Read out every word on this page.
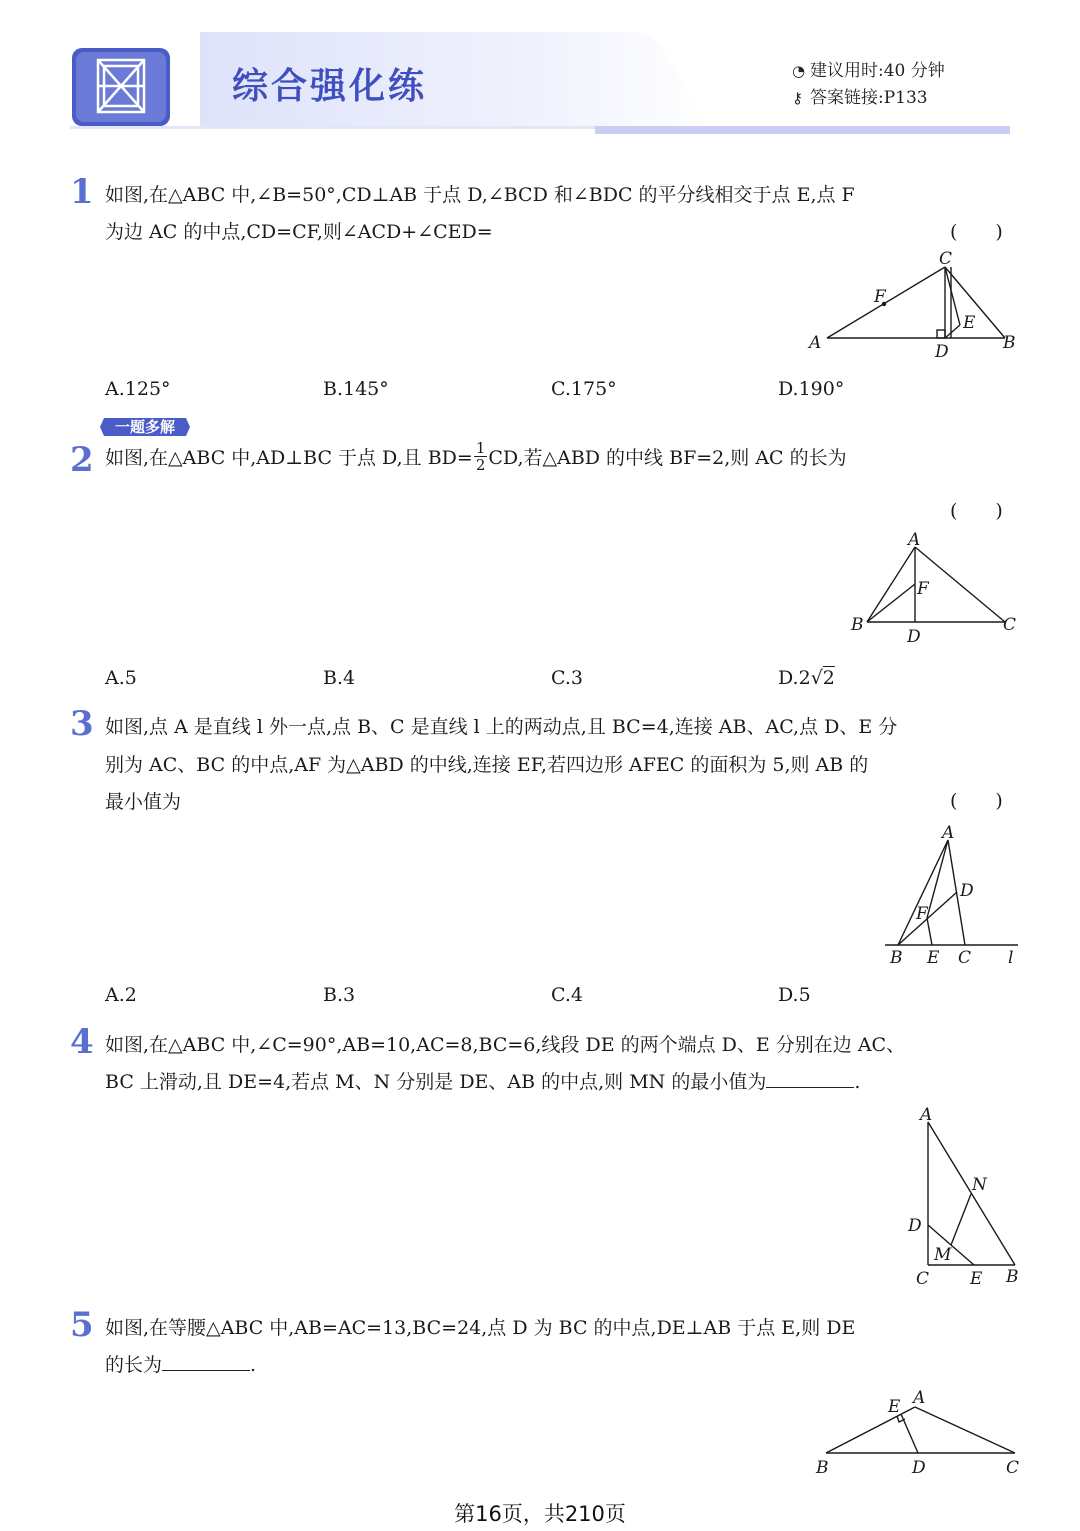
综合强化练	◔ 建议用时:40 分钟
⚷ 答案链接:P133
1 如图,在△ABC 中,∠B=50°,CD⊥AB 于点 D,∠BCD 和∠BDC 的平分线相交于点 E,点 F
为边 AC 的中点,CD=CF,则∠ACD+∠CED=	(　　)
A	B
C
D
E
F
A.125°	B.145°	C.175°	D.190°
一题多解
2 如图,在△ABC 中,AD⊥BC 于点 D,且 $BD= \frac{1}{2}$ CD,若△ABD 的中线 BF=2,则 AC 的长为
(　　)
A
B	C
D
F
A.5	B.4	C.3	D.2√2
3 如图,点 A 是直线 l 外一点,点 B、C 是直线 l 上的两动点,且 BC=4,连接 AB、AC,点 D、E 分
别为 AC、BC 的中点,AF 为△ABD 的中线,连接 EF,若四边形 AFEC 的面积为 5,则 AB 的
最小值为	(　　)
A
B	C
D
E
F
l
A.2	B.3	C.4	D.5
4 如图,在△ABC 中,∠C=90°,AB=10,AC=8,BC=6,线段 DE 的两个端点 D、E 分别在边 AC、
BC 上滑动,且 DE=4,若点 M、N 分别是 DE、AB 的中点,则 MN 的最小值为	.
A
B
C
D
E
M
N
5 如图,在等腰△ABC 中,AB=AC=13,BC=24,点 D 为 BC 的中点,DE⊥AB 于点 E,则 DE
的长为	.
A
B	C
D
E
第16页，共210页
